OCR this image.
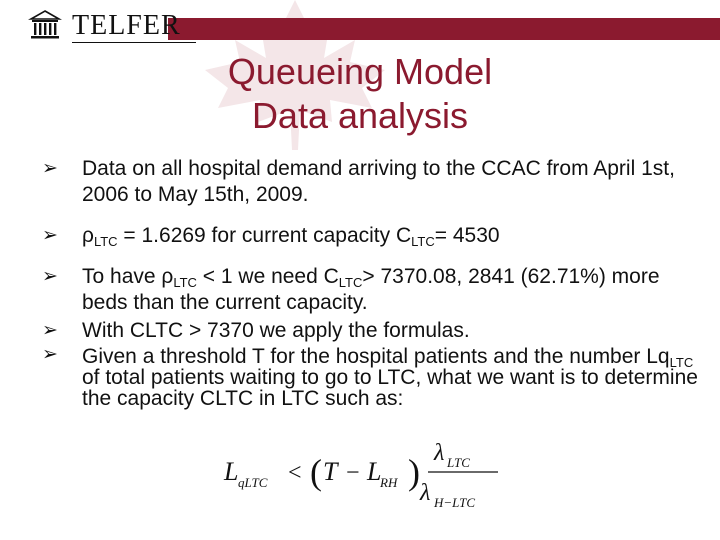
TELFER
Queueing Model
Data analysis
➢	Data on all hospital demand arriving to the CCAC from April 1st, 2006 to May 15th, 2009.
➢	$\rho_{LTC} = 1.6269$ for current capacity $C_{LTC}= 4530$
➢	To have $\rho_{LTC} < 1$ we need $C_{LTC}> 7370.08$, 2841 (62.71%) more beds than the current capacity.
➢	With CLTC > 7370 we apply the formulas.
➢	Given a threshold T for the hospital patients and the number $Lq_{LTC}$ of total patients waiting to go to LTC, what we want is to determine the capacity CLTC in LTC such as:
L qLTC < ( T − L
RH ) λ LTC
λ H−LTC
